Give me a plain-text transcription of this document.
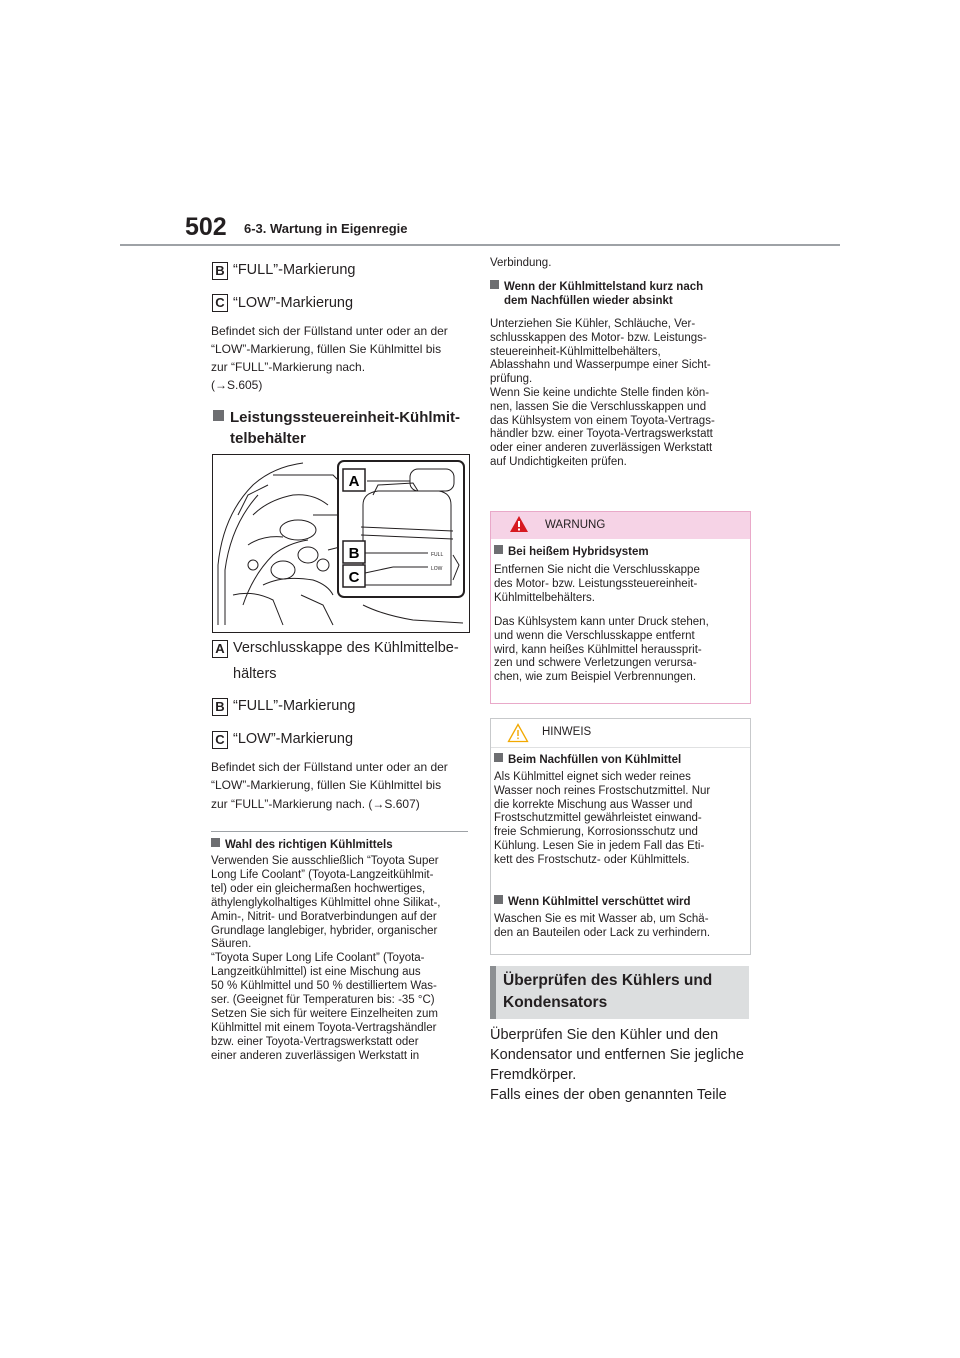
502 6-3. Wartung in Eigenregie
B “FULL”-Markierung
C “LOW”-Markierung
Befindet sich der Füllstand unter oder an der
“LOW”-Markierung, füllen Sie Kühlmittel bis
zur “FULL”-Markierung nach.
(→S.605)
Leistungssteuereinheit-Kühlmit-
telbehälter
FULL
LOW
A
B
C
A Verschlusskappe des Kühlmittelbe-
hälters
B “FULL”-Markierung
C “LOW”-Markierung
Befindet sich der Füllstand unter oder an der
“LOW”-Markierung, füllen Sie Kühlmittel bis
zur “FULL”-Markierung nach. (→S.607)
Wahl des richtigen Kühlmittels
Verwenden Sie ausschließlich “Toyota Super
Long Life Coolant” (Toyota-Langzeitkühlmit-
tel) oder ein gleichermaßen hochwertiges,
äthylenglykolhaltiges Kühlmittel ohne Silikat-,
Amin-, Nitrit- und Boratverbindungen auf der
Grundlage langlebiger, hybrider, organischer
Säuren.
“Toyota Super Long Life Coolant” (Toyota-
Langzeitkühlmittel) ist eine Mischung aus
50 % Kühlmittel und 50 % destilliertem Was-
ser. (Geeignet für Temperaturen bis: -35 °C)
Setzen Sie sich für weitere Einzelheiten zum
Kühlmittel mit einem Toyota-Vertragshändler
bzw. einer Toyota-Vertragswerkstatt oder
einer anderen zuverlässigen Werkstatt in
Verbindung.
Wenn der Kühlmittelstand kurz nach
dem Nachfüllen wieder absinkt
Unterziehen Sie Kühler, Schläuche, Ver-
schlusskappen des Motor- bzw. Leistungs-
steuereinheit-Kühlmittelbehälters,
Ablasshahn und Wasserpumpe einer Sicht-
prüfung.
Wenn Sie keine undichte Stelle finden kön-
nen, lassen Sie die Verschlusskappen und
das Kühlsystem von einem Toyota-Vertrags-
händler bzw. einer Toyota-Vertragswerkstatt
oder einer anderen zuverlässigen Werkstatt
auf Undichtigkeiten prüfen.
WARNUNG
Bei heißem Hybridsystem
Entfernen Sie nicht die Verschlusskappe
des Motor- bzw. Leistungssteuereinheit-
Kühlmittelbehälters.
Das Kühlsystem kann unter Druck stehen,
und wenn die Verschlusskappe entfernt
wird, kann heißes Kühlmittel heraussprit-
zen und schwere Verletzungen verursa-
chen, wie zum Beispiel Verbrennungen.
HINWEIS
Beim Nachfüllen von Kühlmittel
Als Kühlmittel eignet sich weder reines
Wasser noch reines Frostschutzmittel. Nur
die korrekte Mischung aus Wasser und
Frostschutzmittel gewährleistet einwand-
freie Schmierung, Korrosionsschutz und
Kühlung. Lesen Sie in jedem Fall das Eti-
kett des Frostschutz- oder Kühlmittels.
Wenn Kühlmittel verschüttet wird
Waschen Sie es mit Wasser ab, um Schä-
den an Bauteilen oder Lack zu verhindern.
Überprüfen des Kühlers und
Kondensators
Überprüfen Sie den Kühler und den
Kondensator und entfernen Sie jegliche
Fremdkörper.
Falls eines der oben genannten Teile
